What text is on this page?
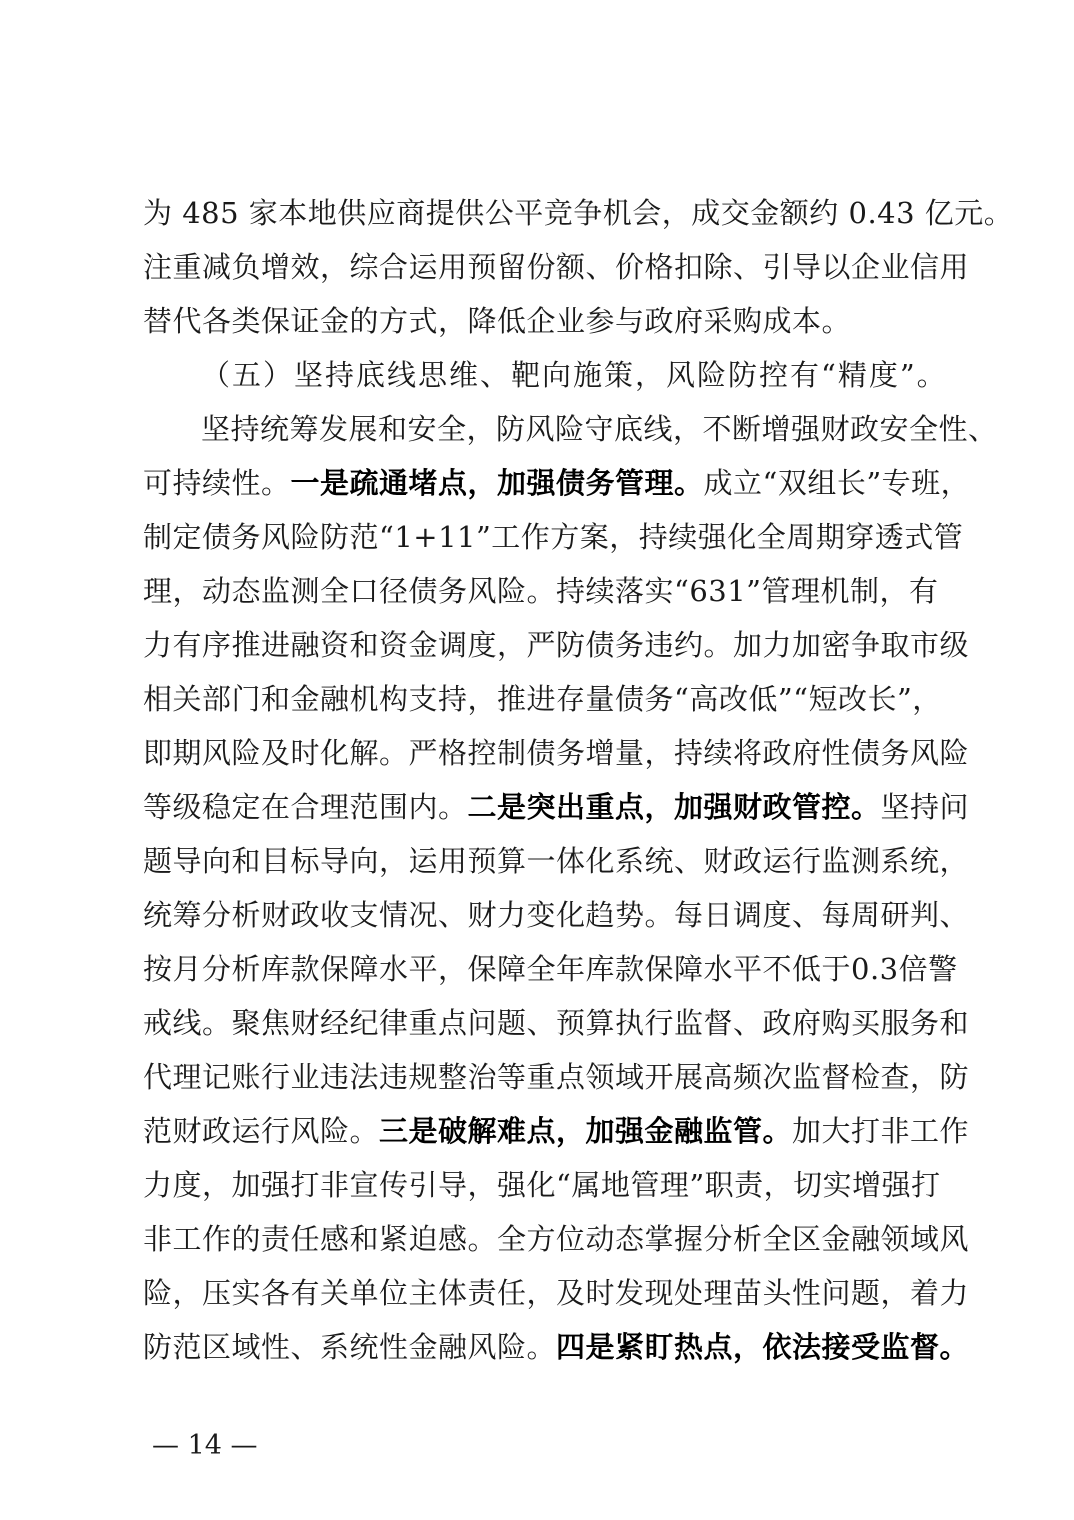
为 485 家本地供应商提供公平竞争机会，成交金额约 0.43 亿元。
注重减负增效，综合运用预留份额、价格扣除、引导以企业信用
替代各类保证金的方式，降低企业参与政府采购成本。
（五）坚持底线思维、靶向施策，风险防控有“精度”。
坚持统筹发展和安全，防风险守底线，不断增强财政安全性、
可持续性。一是疏通堵点，加强债务管理。成立“双组长”专班，
制定债务风险防范“1+11”工作方案，持续强化全周期穿透式管
理，动态监测全口径债务风险。持续落实“631”管理机制，有
力有序推进融资和资金调度，严防债务违约。加力加密争取市级
相关部门和金融机构支持，推进存量债务“高改低”“短改长”，
即期风险及时化解。严格控制债务增量，持续将政府性债务风险
等级稳定在合理范围内。二是突出重点，加强财政管控。坚持问
题导向和目标导向，运用预算一体化系统、财政运行监测系统，
统筹分析财政收支情况、财力变化趋势。每日调度、每周研判、
按月分析库款保障水平，保障全年库款保障水平不低于0.3倍警
戒线。聚焦财经纪律重点问题、预算执行监督、政府购买服务和
代理记账行业违法违规整治等重点领域开展高频次监督检查，防
范财政运行风险。三是破解难点，加强金融监管。加大打非工作
力度，加强打非宣传引导，强化“属地管理”职责，切实增强打
非工作的责任感和紧迫感。全方位动态掌握分析全区金融领域风
险，压实各有关单位主体责任，及时发现处理苗头性问题，着力
防范区域性、系统性金融风险。四是紧盯热点，依法接受监督。
— 14 —
